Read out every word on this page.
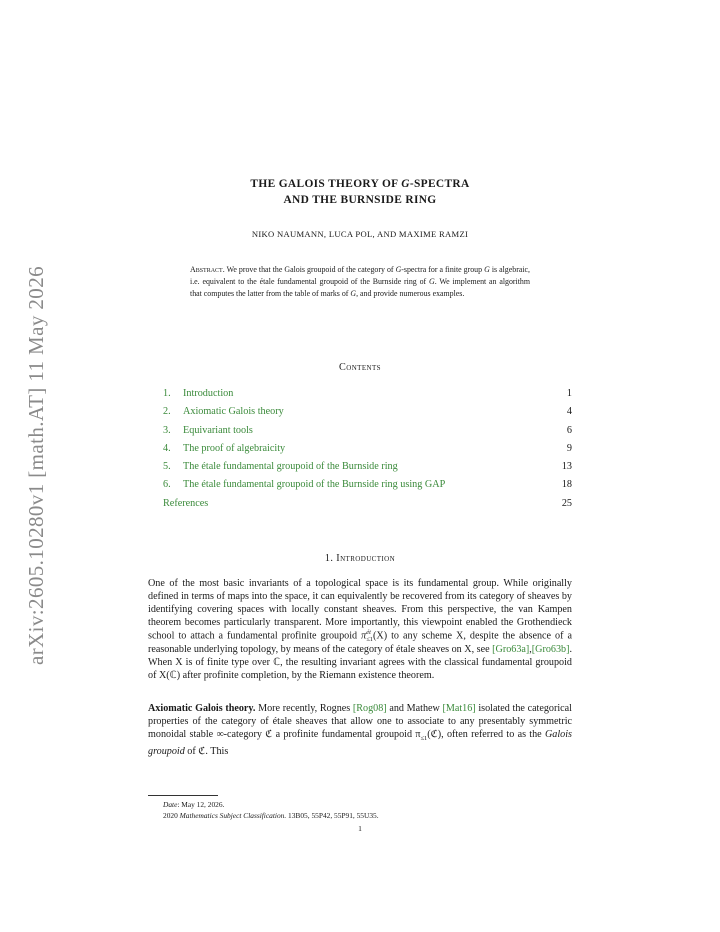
arXiv:2605.10280v1 [math.AT] 11 May 2026
THE GALOIS THEORY OF G-SPECTRA
AND THE BURNSIDE RING
NIKO NAUMANN, LUCA POL, AND MAXIME RAMZI
Abstract. We prove that the Galois groupoid of the category of G-spectra for a finite group G is algebraic, i.e. equivalent to the étale fundamental groupoid of the Burnside ring of G. We implement an algorithm that computes the latter from the table of marks of G, and provide numerous examples.
Contents
1. Introduction	1
2. Axiomatic Galois theory	4
3. Equivariant tools	6
4. The proof of algebraicity	9
5. The étale fundamental groupoid of the Burnside ring	13
6. The étale fundamental groupoid of the Burnside ring using GAP	18
References	25
1. Introduction
One of the most basic invariants of a topological space is its fundamental group. While originally defined in terms of maps into the space, it can equivalently be recovered from its category of sheaves by identifying covering spaces with locally constant sheaves. From this perspective, the van Kampen theorem becomes particularly transparent. More importantly, this viewpoint enabled the Grothendieck school to attach a fundamental profinite groupoid π ét
≤1 (X) to any scheme X, despite the absence of a reasonable underlying topology, by means of the category of étale sheaves on X, see [Gro63a],[Gro63b]. When X is of finite type over ℂ, the resulting invariant agrees with the classical fundamental groupoid of X(ℂ) after profinite completion, by the Riemann existence theorem.
Axiomatic Galois theory. More recently, Rognes [Rog08] and Mathew [Mat16] isolated the categorical properties of the category of étale sheaves that allow one to associate to any presentably symmetric monoidal stable ∞-category ℭ a profinite fundamental groupoid $\pi_{\le 1}(ℭ)$, often referred to as the Galois groupoid of ℭ. This
Date: May 12, 2026.
2020 Mathematics Subject Classification. 13B05, 55P42, 55P91, 55U35.
1
